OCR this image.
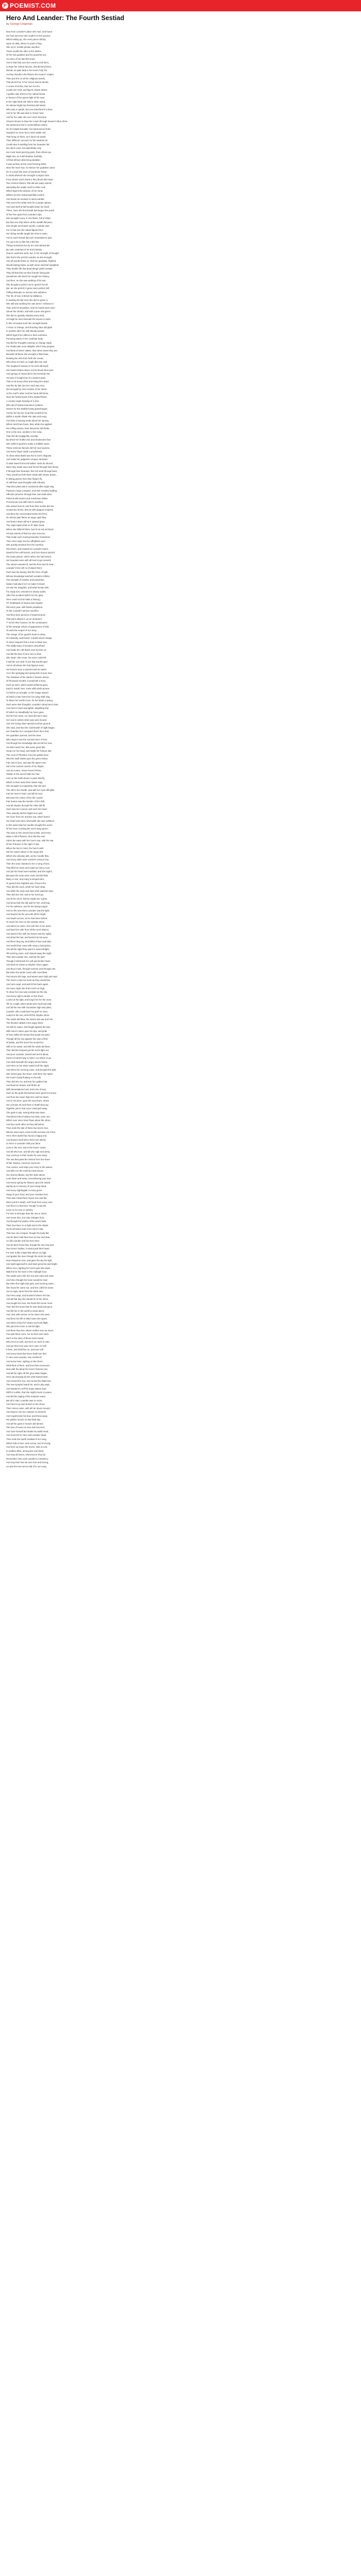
P POEMIST.COM
Hero And Leander: The Fourth Sestiad
by George Chapman
Now from Leander's place she rose, and found
Her hair and rent robe scattr'd on the ground;
Which taking up, she every piece did lay
Upon an altar, where in youth of day
She us'd t' exhibit private sacrifice;
Those would she offer to the deities
Of her fair goddess and his powerful son,
As relics of her late-felt union;
And in that holy sort she vow'd to end them,
In hope her violent fancies, that did tend them,
Would, as quite fade in her love's holy fire,
As they should in the flames she meant t' inspire.
Then put she on all her religious weeds,
That deck'd her in her secret sacred deeds;
A crown of icicles, that sun nor fire
Could ever melt, and figur'd chaste desire;
A golden star shin'd in her naked breast,
In honour of the queen-light of the east.
In her right hand she held a silver wand,
On whose bright top Peristera did stand,
Who was a nymph, but now transform'd a dove,
And in her life was dear in Venus' love;
And for her sake she ever since that time
Choos'd doves to draw her coach through heaven's blue clime.
Her plenteous hair in curled billows swims
On her bright shoulder: her harmonious limbs
Sustain'd no more but a most subtle veil,
That hung on them, as it durst not assail
Their different concord; for the weakest air
Could raise it swelling from her beauties fair;
Nor did it cover, but adumbrate only
Her most heart-piercing parts, that a blest eye
Might see, as it did shadow, fearfully,
All that all-love-deserving paradise:
It was as blue as the most freezing skies;
Near the sea's hue, for thence her goddess came:
On it a scarf she wore of wondrous frame;
In midst whereof she wrought a virgin's face,
From whose each cheek a fiery blush did chase
Two crimson flames, that did two ways extend,
Spreading the ample scarf to either end;
Which figur'd the division of her mind,
Whiles yet she rested bashfully inclin'd,
And stood not resolute to wed Leander;
This serv'd her white neck for a purple sphere,
And cast itself at full breadth down her back:
There, since the first breath that begun the wrack
Of her free quiet from Leander's lips,
She wrought a sea, in one flame, full of ships;
But that one ship where all the wealth did pass,
Like simple merchants' goods, Leander was;
For in that sea she naked figured him;
Her diving needle taught him how to swim,
And to each thread did such resemblance give,
For joy to be so like him it did live:
Things senseless live by art, and rational die
By rude contempt of art and industry.
Scarce could she work, but, in her strength of thought,
She fear'd she prick'd Leander as she wrought,
And oft would shriek so, that her guardian, frighted,
Would staring haste, as with some mischief sprighted;
They double life that dead things' griefs sustain;
They kill that feel not their friends' living pain.
Sometimes she fear'd he sought her infamy;
And then, as she was working of his eye,
She thought to prick it out to quench her ill;
But, as she prick'd, it grew more perfect still:
Trifling attempts no serious acts advance;
The fire of love is blown by dalliance.
In working his fair neck she did so grace it,
She still was working her own arms t' embrace it:
That, and his shoulders, and his hands were seen
Above the stream; and with a pure sea-green
She did so quaintly shadow every limb,
All might be seen beneath the waves to swim.
In this conceited scarf she wrought beside
A moon in change, and shooting stars did glide
In number after her with bloody beams;
Which figur'd her affects in their extremes,
Pursuing nature in her Cynthian body,
And did her thoughts running on change imply;
For maids take more delights, when they prepare,
And think of wives' states, than when wives they are.
Beneath all these she wrought a fisherman,
Drawing his nets from forth the ocean;
Who drew so hard, ye might discover well
The toughen'd sinews in his neck did swell;
His inward strains drave out his blood-shot eyes,
And springs of sweat did in his forehead rise;
Yet was of nought but of a serpent sped,
That in his bosom flew and stung him dead:
And this by fate into her mind was sent,
Not wrought by mere instinct of her intent.
At the scarf's other end her hand did frame,
Near the forked point of the divided flame,
A country virgin keeping of a vine,
Who did of hollow bulrushes combine
Snares for the stubble-loving grasshopper,
And by her lay her scrip that nourish'd her.
Within a myrtle shade she sate and sung;
And tufts of waving reeds about her sprung,
Where lurk'd two foxes, that, while she applied
Her trifling snares, their thieveries did divide,
One to the vine, another to her scrip,
That she did negligently overslip;
By which her fruitful vine and wholesome fare
She suffer'd spoil'd to make a childish snare.
These ominous fancies did her soul express,
And every finger made a prophetess,
To show what death was hid in love's disguise,
And make her judgment conquer destinies.
O what sweet forms fair ladies' souls do shroud,
Were they made seen and forced through their blood;
If through their beauties, like rich work through lawn,
They would set forth their minds with virtues drawn,
In letting graces from their fingers fly,
To still their eyas thoughts with industry;
That their plied wits in numbered silks might sing
Passion's huge conquest, and their needles leading
Affection prisoner through their own-built cities,
Pinion'd with stories and Arachnean ditties.
Proceed we now with Hero's sacrifice;
She odours burn'd, and from their smoke did rise
Unsavoury fumes, that air with plagues inspired;
And then the consecrated sticks she fired,
On whose pale flame an angry spirit flew,
And beat it down still as it upward grew.
The virgin tapers that on th' altar stood,
When she inflam'd them, burn'd as red as blood;
All sad ostents of that too near success,
That made such moving beauties motionless.
Then Hero wept; but her affrighted eyes
She quickly wrested from the sacrifice,
Shut them, and inwards for Leander look'd,
Search'd her soft bosom, and from thence pluck'd
His lovely picture: which when she had view'd,
Her beauties were with all love's joys renew'd;
The odours sweeten'd, and the fires burn'd clear,
Leander's form left no ill object there:
Such was his beauty, that the force of light,
Whose knowledge teacheth wonders infinite,
The strength of number and proportion,
Nature had plac'd in it to make it known
Art was her daughter, and what human wits
For study lost, entomb'd in drossy spirits.
After this accident (which for her glory
Hero could not but make a history),
Th' inhabitants of Sestos and Abydos
Did every year, with feasts propitious,
To fair Leander's picture sacrifice:
And they were persons of especial price
That were allow'd it, as an ornament
T' enrich their houses, for the continuance
Of the strange virtues of appearance it held.
To work the sequel of our story,
The ensign of her guard's heart to show,
Of Adolesby, well-heard, a dumb-struck visage,
To have eloquent fruit a man to blind men,
The wildly ways of wonders unworthied
And made her raft thank Jove by time on
And left the feet of Hero turn to thee
She stopt. Like a tear, her eyes could tell
It told the one side of one that would repel
And in all virtues the holy figures meet,
Her bosom wore a sacred scarf as sweet
As in the springing and spring-tide of pure love,
The shadows of the saints in heaven above.
Of thousand mouths, it would tell a story
Such as were; wild it would unfold its glory
Kept in maids' love; some wild winds pursue
As before ye wrought, so her image waned
Of which a hair fram'd for her wing shall sing,
To blaze her worth's love, for her blush a spring.
Such were their thoughts; Leander's lamp burnt clear,
And Hero's heart was lighter, dispelling fear
Of which so steadfastly her lover gave,
Not far from seas, nor seas did Hero save.
Her soul in smiles when joys were bound,
And, the loving skies spread out their ground.
She said, and thus the cold breath of night began.
Her chamber her corrupted doors then shut,
Her guardian opened, and the dove,
Who wept to see the sorrows born of love;
And though her knowledge did not tell her how,
Yet did it teach her, that some great fate
Hung o'er his head, and made her fortune late.
The crest of Phoebus, from his golden bow
Shot his swift shafts upon the green below
Fair Hero's love, and saw the tapers rise,
Hid in the sacred coverts of her thighs;
And as it were, Venus hover'd there,
Hidden in the secret folds her hair.
And, as the turtle-doves in pairs that fly,
Which to their nests their mates espy,
She wrought so exquisitely, that she tied
The silk to her breath, and with her eyes did glide
Into her lover's heart, and all his soul
Did wear the colour of her fair control.
Fair Sestos saw the wonder of her skill,
And all Abydos through the cities did fill,
Such was her conceit, and such her heart.
Thus sweetly did the bright Hero part
Her lover from her and the sea, which fram'd
Her heart and mind, wherewith she was enflam'd.
In this sweet tale her needle wrought the scene
Of her lover crossing the sea's deep green;
The seas to him seem'd but a lake, and every
Wave a hill of flowers; thus did she ever
Adorn the wave with her love's eye, with the star
Of her fortunes in the night of war,
When the hero's mind, the hero's wish
Hid her sweet nature in the angry fish.
Which she did play with, as her needle flew,
And every stitch wore sunset's crimson hue.
Then the seas chanted to her a song of love,
That fill'd her heart and made her fancy rove:
And yet her heart was troubled, and she sigh'd,
Because the seas were cruel, and did hide
Many a rock, and many a tempest dire,
To quench the brightest star of love's fire.
Thus did she work, while her lover slept,
And while the seas and stars their watches kept.
Then did she rise, and to her turret go,
And lit her torch, that he might see it glow,
And know that she did wait for him, and long
For his embrace, and for his loving tongue.
And on the sea-shore Leander saw the light,
And leap'd into the sea with all his might,
And swam across, as he had done before,
To reach his Hero on the Sestian shore.
And when he came, she took him in her arms,
And kept him safe from all the sea's alarms,
And warm'd him with her kisses and her sighs,
And dried his hair, and look'd into his eyes.
And there they lay, and talk'd of love and bliss,
And seal'd their vows with many a loving kiss;
And all the night they spent in sweet delight,
Till morning came, and chased away the night.
Then did Leander rise, and bid her part,
Though it did break her soft and tender heart;
And back he swam to Abydos' shore again,
And thus it was, through summer and through rain.
But when the winter came with cruel blast,
And storms did rage, and waves were high and vast,
The lovers could not meet as they would fain,
And Hero wept, and wish'd him back again.
Yet every night she lit her torch on high,
To show her love was constant as the sky;
And every night Leander on the shore
Look'd at the light, and long'd for her the more.
Till on a night, when winds were loud and wild,
And all the sea with mountains high was piled,
Leander, who could bear his grief no more,
Leap'd in the sea, and left the Abydos shore.
The winds did blow, the waves did roar and rise,
The thunder rattled in the angry skies;
Yet still he swam, and fought against the tide,
With Hero's name upon his lips, and pride
Of love within his breast that would not yield,
Though all the sea against him was a field
Of battle, and the storm his mortal foe;
Still on he swam, and still the winds did blow.
Then did the tempest put the torch-light out,
And poor Leander, tossed and turn'd about,
Knew not which way to swim, nor where to go,
And sank beneath the angry waves below.
And Hero on her tower watch'd all the night,
And when the morning came, and brought the light,
She look'd upon the shore, and there she spied
Her lover's body floating on the tide.
Then did she cry, and tear her golden hair,
And beat her breast, and fill the air
With lamentations loud, and cries of woe,
Such as the gods themselves were griev'd to know;
And from her tower high she cast her down,
And in his arms, upon the sea-shore, drown
Her sorrows all; and there in death they lay,
Together join'd, that none could part away.
The gods in pity, seeing what was done,
Transform'd their bodies into birds, each one,
Which ever since have flown about the shore,
And love each other as they did before.
Thus ends the tale of these two lovers true,
Whose loves were crown'd with sorrows not a few;
Yet in their death they found a happy end,
And heaven itself did to their love attend.
O Hero! O Leander! Still your fame
Lives in the sea, and in the lovers' name;
And all who love, and all who sigh and weep,
Your memory in their hearts for ever keep.
The sea that parts the Sestos from the shore
Of fair Abydos, murmurs evermore
Your names, and sings your story to the waves,
And tells it to the mariners that braves
Her stormy billows; and the stars above
Look down and weep, remembering your love.
And every spring the flowers upon the strand
Spring up in memory of your loving hand,
And every nightingale in every grove
Sings of your story, and your constant love.
Thus was it that these lovers true and fair
Were join'd in death, and freed from every care;
And thus it is that love, though it may die,
Lives on for ever in eternity.
For love is stronger than the sea or storm,
And never dies, but only changes form;
And though the bodies of the lovers fade,
Their love lives on in light and in the shade.
So let all lovers learn from Hero's tale,
That love can conquer, though the body fail;
And let them hold their love as true and dear,
As did Leander and his Hero here.
And let them know that, though the sea may part
Two lovers' bodies, it cannot part their heart;
For love is like a light that shines on high,
And guides the lover though the storm be nigh.
Now Hesperus rose, and gave the sky his light,
And night approach'd, and stars grew fair and bright;
When Hero, lighting her torch upon the tower,
Watch'd for her lover in the midnight hour.
The winds were still, the sea was calm and clear,
And Hero thought her lover would be near;
But when the night was past, and morning came,
She found he came not, and she call'd his name.
Yet no reply came from the silent sea,
And Hero wept, and wonder'd where he'd be;
And all that day she wander'd on the shore,
And sought her love, but found him never more.
Then did she know that he was dead and gone,
And left her in the world to weep alone;
And, sick with sorrow, to her tower she went,
And there her life in bitter tears she spent.
And when at last her weary soul took flight,
She join'd her lover in eternal light;
And there they live, where neither sea nor storm
Can part them more, nor do their love harm.
Such is the story of these lovers twain,
Who lov'd so well, and lov'd so much in vain;
And yet their love was not in vain, for still
It lives, and shall live on, and ever will.
And every heart that loves shall ever find
In Hero and Leander, love enshrin'd;
And every lover, sighing on the shore,
Shall think of them, and love them evermore.
Now with the lamp the lovers' fortunes ran,
And all the night, till the grey dawn began,
Hero sat weeping by the wind-swept tower,
And cursed the sea, and cursed the fatal hour.
The sea-nymphs heard her, and in pity wept,
And Neptune's self his angry waters kept
Still for a while, that she might mourn in peace,
And bid the raging of the tempest cease.
But all in vain; Leander was no more,
And Hero's joy was buried on the shore.
Then Venus came, with all her doves around,
And wept to see her votaries so drown'd;
And Cupid broke his bow, and threw away
His golden arrows on that fatal day.
And all the gods in heaven did lament
The loss of lovers so true and innocent;
And Jove himself did shake his awful head,
And mourn'd for Hero and Leander dead.
Thus ends the fourth Sestiad of our song,
Which tells of love, and sorrow, and of wrong;
And here we leave the lovers, safe at rest,
In endless bliss, among the ever-blest.
And may all lovers, wheresoe'er they be,
Remember Hero and Leander's constancy;
And may their love be ever true and strong,
As was the love we've told of in our song.
